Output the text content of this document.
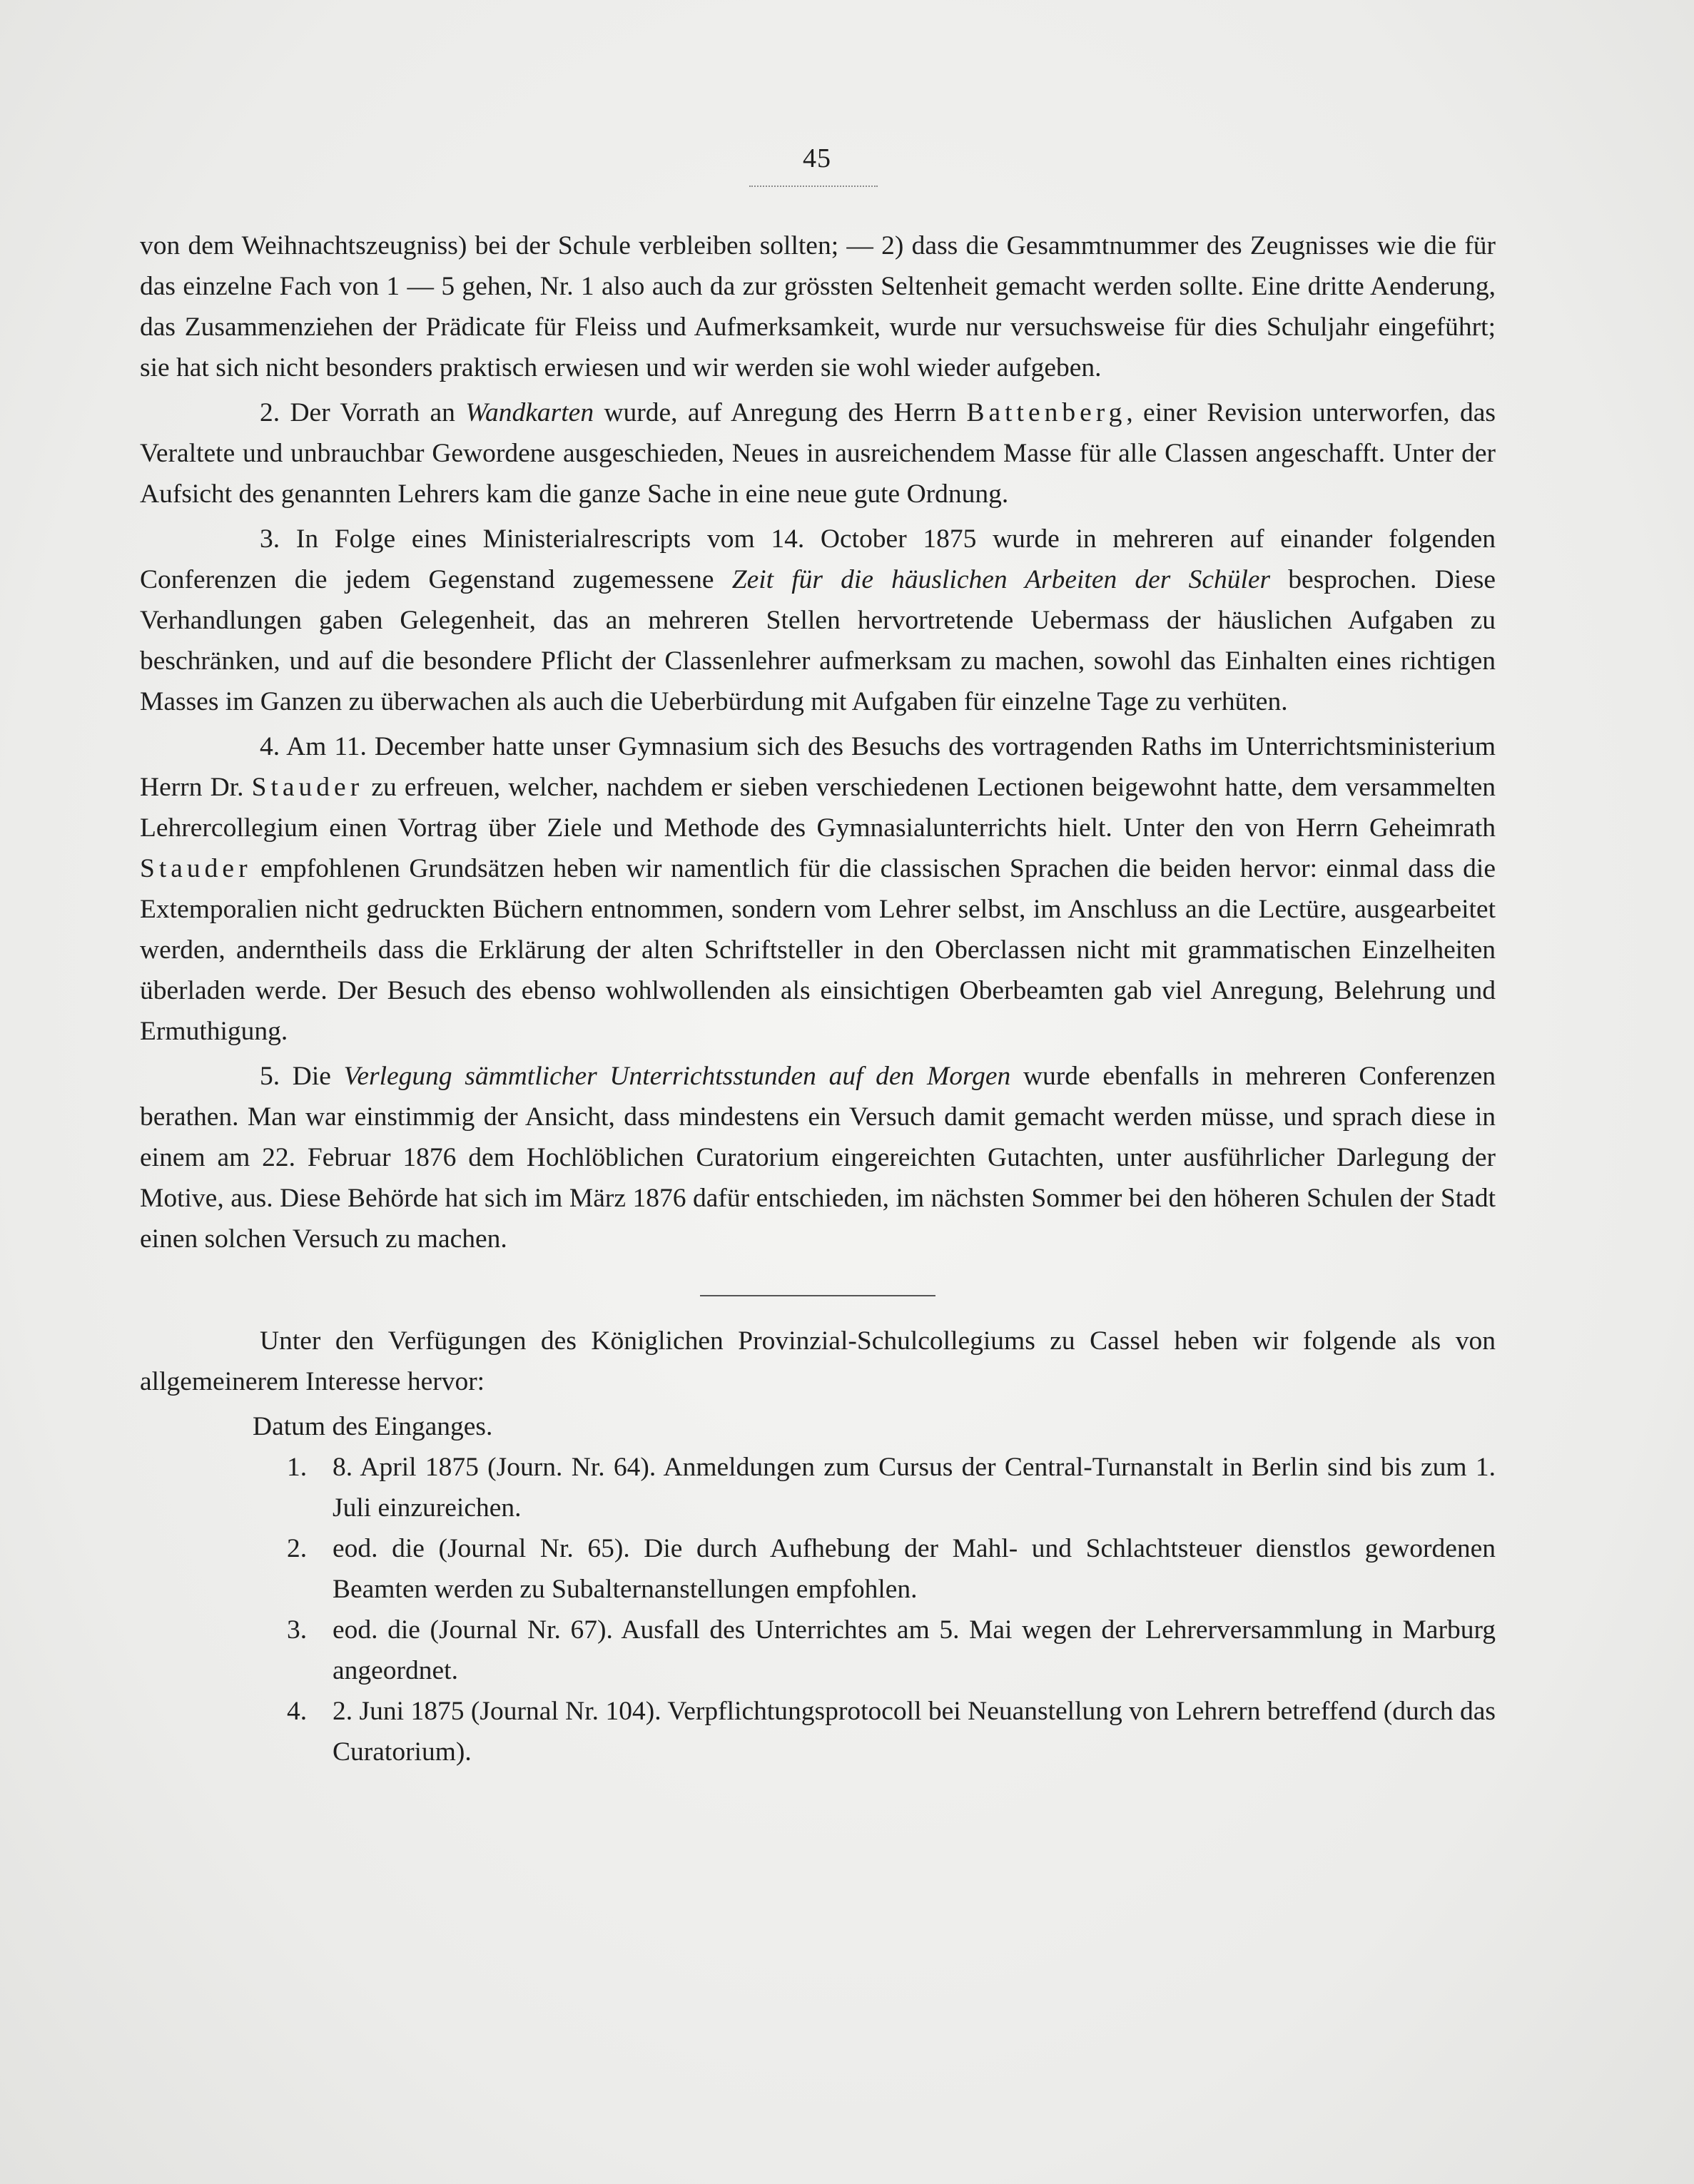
45

von dem Weihnachtszeugniss) bei der Schule verbleiben sollten; — 2) dass die Gesammtnummer des Zeugnisses wie die für das einzelne Fach von 1 — 5 gehen, Nr. 1 also auch da zur grössten Seltenheit gemacht werden sollte. Eine dritte Aenderung, das Zusammenziehen der Prädicate für Fleiss und Aufmerksamkeit, wurde nur versuchsweise für dies Schuljahr eingeführt; sie hat sich nicht besonders praktisch erwiesen und wir werden sie wohl wieder aufgeben.

2. Der Vorrath an Wandkarten wurde, auf Anregung des Herrn Battenberg, einer Revision unterworfen, das Veraltete und unbrauchbar Gewordene ausgeschieden, Neues in ausreichendem Masse für alle Classen angeschafft. Unter der Aufsicht des genannten Lehrers kam die ganze Sache in eine neue gute Ordnung.

3. In Folge eines Ministerialrescripts vom 14. October 1875 wurde in mehreren auf einander folgenden Conferenzen die jedem Gegenstand zugemessene Zeit für die häuslichen Arbeiten der Schüler besprochen. Diese Verhandlungen gaben Gelegenheit, das an mehreren Stellen hervortretende Uebermass der häuslichen Aufgaben zu beschränken, und auf die besondere Pflicht der Classenlehrer aufmerksam zu machen, sowohl das Einhalten eines richtigen Masses im Ganzen zu überwachen als auch die Ueberbürdung mit Aufgaben für einzelne Tage zu verhüten.

4. Am 11. December hatte unser Gymnasium sich des Besuchs des vortragenden Raths im Unterrichtsministerium Herrn Dr. Stauder zu erfreuen, welcher, nachdem er sieben verschiedenen Lectionen beigewohnt hatte, dem versammelten Lehrercollegium einen Vortrag über Ziele und Methode des Gymnasialunterrichts hielt. Unter den von Herrn Geheimrath Stauder empfohlenen Grundsätzen heben wir namentlich für die classischen Sprachen die beiden hervor: einmal dass die Extemporalien nicht gedruckten Büchern entnommen, sondern vom Lehrer selbst, im Anschluss an die Lectüre, ausgearbeitet werden, anderntheils dass die Erklärung der alten Schriftsteller in den Oberclassen nicht mit grammatischen Einzelheiten überladen werde. Der Besuch des ebenso wohlwollenden als einsichtigen Oberbeamten gab viel Anregung, Belehrung und Ermuthigung.

5. Die Verlegung sämmtlicher Unterrichtsstunden auf den Morgen wurde ebenfalls in mehreren Conferenzen berathen. Man war einstimmig der Ansicht, dass mindestens ein Versuch damit gemacht werden müsse, und sprach diese in einem am 22. Februar 1876 dem Hochlöblichen Curatorium eingereichten Gutachten, unter ausführlicher Darlegung der Motive, aus. Diese Behörde hat sich im März 1876 dafür entschieden, im nächsten Sommer bei den höheren Schulen der Stadt einen solchen Versuch zu machen.

Unter den Verfügungen des Königlichen Provinzial-Schulcollegiums zu Cassel heben wir folgende als von allgemeinerem Interesse hervor:

Datum des Einganges.

1. 8. April 1875 (Journ. Nr. 64). Anmeldungen zum Cursus der Central-Turnanstalt in Berlin sind bis zum 1. Juli einzureichen.
2. eod. die (Journal Nr. 65). Die durch Aufhebung der Mahl- und Schlachtsteuer dienstlos gewordenen Beamten werden zu Subalternanstellungen empfohlen.
3. eod. die (Journal Nr. 67). Ausfall des Unterrichtes am 5. Mai wegen der Lehrerversammlung in Marburg angeordnet.
4. 2. Juni 1875 (Journal Nr. 104). Verpflichtungsprotocoll bei Neuanstellung von Lehrern betreffend (durch das Curatorium).
